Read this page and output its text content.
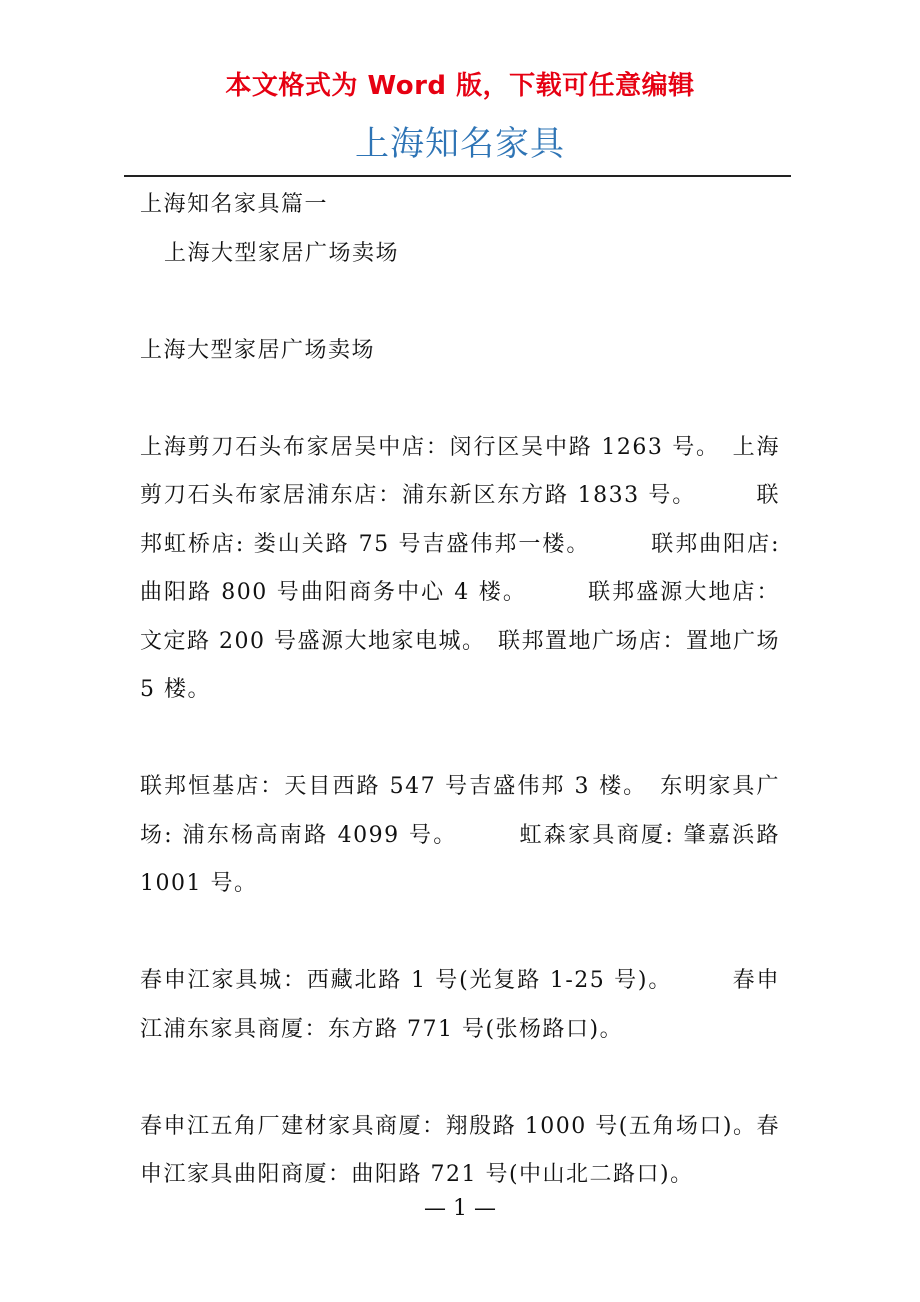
本文格式为 Word 版，下载可任意编辑
上海知名家具

上海知名家具篇一

上海大型家居广场卖场

上海大型家居广场卖场

上海剪刀石头布家居吴中店：闵行区吴中路 1263 号。　上海剪刀石头布家居浦东店：浦东新区东方路 1833 号。　　　联邦虹桥店: 娄山关路 75 号吉盛伟邦一楼。　　　联邦曲阳店: 曲阳路 800 号曲阳商务中心 4 楼。　　　联邦盛源大地店：文定路 200 号盛源大地家电城。　联邦置地广场店：置地广场 5 楼。

联邦恒基店：天目西路 547 号吉盛伟邦 3 楼。　东明家具广场: 浦东杨高南路 4099 号。　　　虹森家具商厦: 肇嘉浜路 1001 号。

春申江家具城：西藏北路 1 号(光复路 1-25 号)。　　　春申江浦东家具商厦：东方路 771 号(张杨路口)。

春申江五角厂建材家具商厦：翔殷路 1000 号(五角场口)。春申江家具曲阳商厦：曲阳路 721 号(中山北二路口)。

— 1 —
